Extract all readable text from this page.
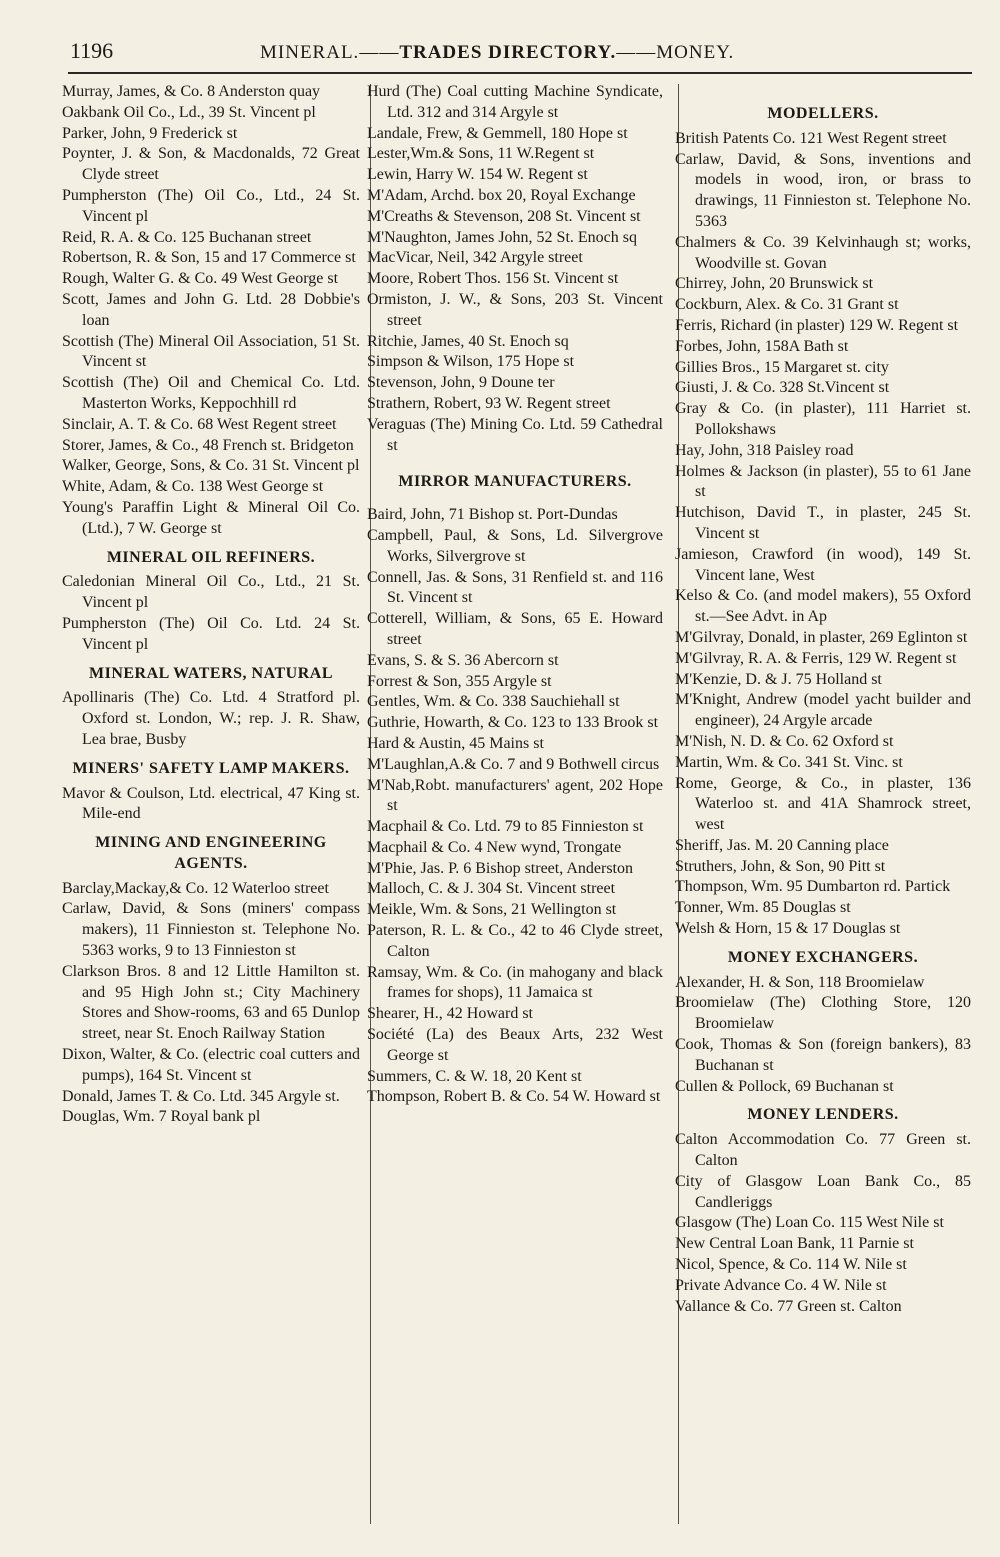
1196	MINERAL.——TRADES DIRECTORY.——MONEY.
Murray, James, & Co. 8 Anderston quay
Oakbank Oil Co., Ld., 39 St. Vincent pl
Parker, John, 9 Frederick st
Poynter, J. & Son, & Macdonalds, 72 Great Clyde street
Pumpherston (The) Oil Co., Ltd., 24 St. Vincent pl
Reid, R. A. & Co. 125 Buchanan street
Robertson, R. & Son, 15 and 17 Commerce st
Rough, Walter G. & Co. 49 West George st
Scott, James and John G. Ltd. 28 Dobbie's loan
Scottish (The) Mineral Oil Association, 51 St. Vincent st
Scottish (The) Oil and Chemical Co. Ltd. Masterton Works, Keppochhill rd
Sinclair, A. T. & Co. 68 West Regent street
Storer, James, & Co., 48 French st. Bridgeton
Walker, George, Sons, & Co. 31 St. Vincent pl
White, Adam, & Co. 138 West George st
Young's Paraffin Light & Mineral Oil Co. (Ltd.), 7 W. George st
MINERAL OIL REFINERS.
Caledonian Mineral Oil Co., Ltd., 21 St. Vincent pl
Pumpherston (The) Oil Co. Ltd. 24 St. Vincent pl
MINERAL WATERS, NATURAL
Apollinaris (The) Co. Ltd. 4 Stratford pl. Oxford st. London, W.; rep. J. R. Shaw, Lea brae, Busby
MINERS' SAFETY LAMP MAKERS.
Mavor & Coulson, Ltd. electrical, 47 King st. Mile-end
MINING AND ENGINEERING AGENTS.
Barclay,Mackay,& Co. 12 Waterloo street
Carlaw, David, & Sons (miners' compass makers), 11 Finnieston st. Telephone No. 5363 works, 9 to 13 Finnieston st
Clarkson Bros. 8 and 12 Little Hamilton st. and 95 High John st.; City Machinery Stores and Show-rooms, 63 and 65 Dunlop street, near St. Enoch Railway Station
Dixon, Walter, & Co. (electric coal cutters and pumps), 164 St. Vincent st
Donald, James T. & Co. Ltd. 345 Argyle st.
Douglas, Wm. 7 Royal bank pl
Hurd (The) Coal cutting Machine Syndicate, Ltd. 312 and 314 Argyle st
Landale, Frew, & Gemmell, 180 Hope st
Lester,Wm.& Sons, 11 W.Regent st
Lewin, Harry W. 154 W. Regent st
M'Adam, Archd. box 20, Royal Exchange
M'Creaths & Stevenson, 208 St. Vincent st
M'Naughton, James John, 52 St. Enoch sq
MacVicar, Neil, 342 Argyle street
Moore, Robert Thos. 156 St. Vincent st
Ormiston, J. W., & Sons, 203 St. Vincent street
Ritchie, James, 40 St. Enoch sq
Simpson & Wilson, 175 Hope st
Stevenson, John, 9 Doune ter
Strathern, Robert, 93 W. Regent street
Veraguas (The) Mining Co. Ltd. 59 Cathedral st
MIRROR MANUFACTURERS.
Baird, John, 71 Bishop st. Port-Dundas
Campbell, Paul, & Sons, Ld. Silvergrove Works, Silvergrove st
Connell, Jas. & Sons, 31 Renfield st. and 116 St. Vincent st
Cotterell, William, & Sons, 65 E. Howard street
Evans, S. & S. 36 Abercorn st
Forrest & Son, 355 Argyle st
Gentles, Wm. & Co. 338 Sauchiehall st
Guthrie, Howarth, & Co. 123 to 133 Brook st
Hard & Austin, 45 Mains st
M'Laughlan,A.& Co. 7 and 9 Bothwell circus
M'Nab,Robt. manufacturers' agent, 202 Hope st
Macphail & Co. Ltd. 79 to 85 Finnieston st
Macphail & Co. 4 New wynd, Trongate
M'Phie, Jas. P. 6 Bishop street, Anderston
Malloch, C. & J. 304 St. Vincent street
Meikle, Wm. & Sons, 21 Wellington st
Paterson, R. L. & Co., 42 to 46 Clyde street, Calton
Ramsay, Wm. & Co. (in mahogany and black frames for shops), 11 Jamaica st
Shearer, H., 42 Howard st
Société (La) des Beaux Arts, 232 West George st
Summers, C. & W. 18, 20 Kent st
Thompson, Robert B. & Co. 54 W. Howard st
MODELLERS.
British Patents Co. 121 West Regent street
Carlaw, David, & Sons, inventions and models in wood, iron, or brass to drawings, 11 Finnieston st. Telephone No. 5363
Chalmers & Co. 39 Kelvinhaugh st; works, Woodville st. Govan
Chirrey, John, 20 Brunswick st
Cockburn, Alex. & Co. 31 Grant st
Ferris, Richard (in plaster) 129 W. Regent st
Forbes, John, 158A Bath st
Gillies Bros., 15 Margaret st. city
Giusti, J. & Co. 328 St.Vincent st
Gray & Co. (in plaster), 111 Harriet st. Pollokshaws
Hay, John, 318 Paisley road
Holmes & Jackson (in plaster), 55 to 61 Jane st
Hutchison, David T., in plaster, 245 St. Vincent st
Jamieson, Crawford (in wood), 149 St. Vincent lane, West
Kelso & Co. (and model makers), 55 Oxford st.—See Advt. in Ap
M'Gilvray, Donald, in plaster, 269 Eglinton st
M'Gilvray, R. A. & Ferris, 129 W. Regent st
M'Kenzie, D. & J. 75 Holland st
M'Knight, Andrew (model yacht builder and engineer), 24 Argyle arcade
M'Nish, N. D. & Co. 62 Oxford st
Martin, Wm. & Co. 341 St. Vinc. st
Rome, George, & Co., in plaster, 136 Waterloo st. and 41A Shamrock street, west
Sheriff, Jas. M. 20 Canning place
Struthers, John, & Son, 90 Pitt st
Thompson, Wm. 95 Dumbarton rd. Partick
Tonner, Wm. 85 Douglas st
Welsh & Horn, 15 & 17 Douglas st
MONEY EXCHANGERS.
Alexander, H. & Son, 118 Broomielaw
Broomielaw (The) Clothing Store, 120 Broomielaw
Cook, Thomas & Son (foreign bankers), 83 Buchanan st
Cullen & Pollock, 69 Buchanan st
MONEY LENDERS.
Calton Accommodation Co. 77 Green st. Calton
City of Glasgow Loan Bank Co., 85 Candleriggs
Glasgow (The) Loan Co. 115 West Nile st
New Central Loan Bank, 11 Parnie st
Nicol, Spence, & Co. 114 W. Nile st
Private Advance Co. 4 W. Nile st
Vallance & Co. 77 Green st. Calton
